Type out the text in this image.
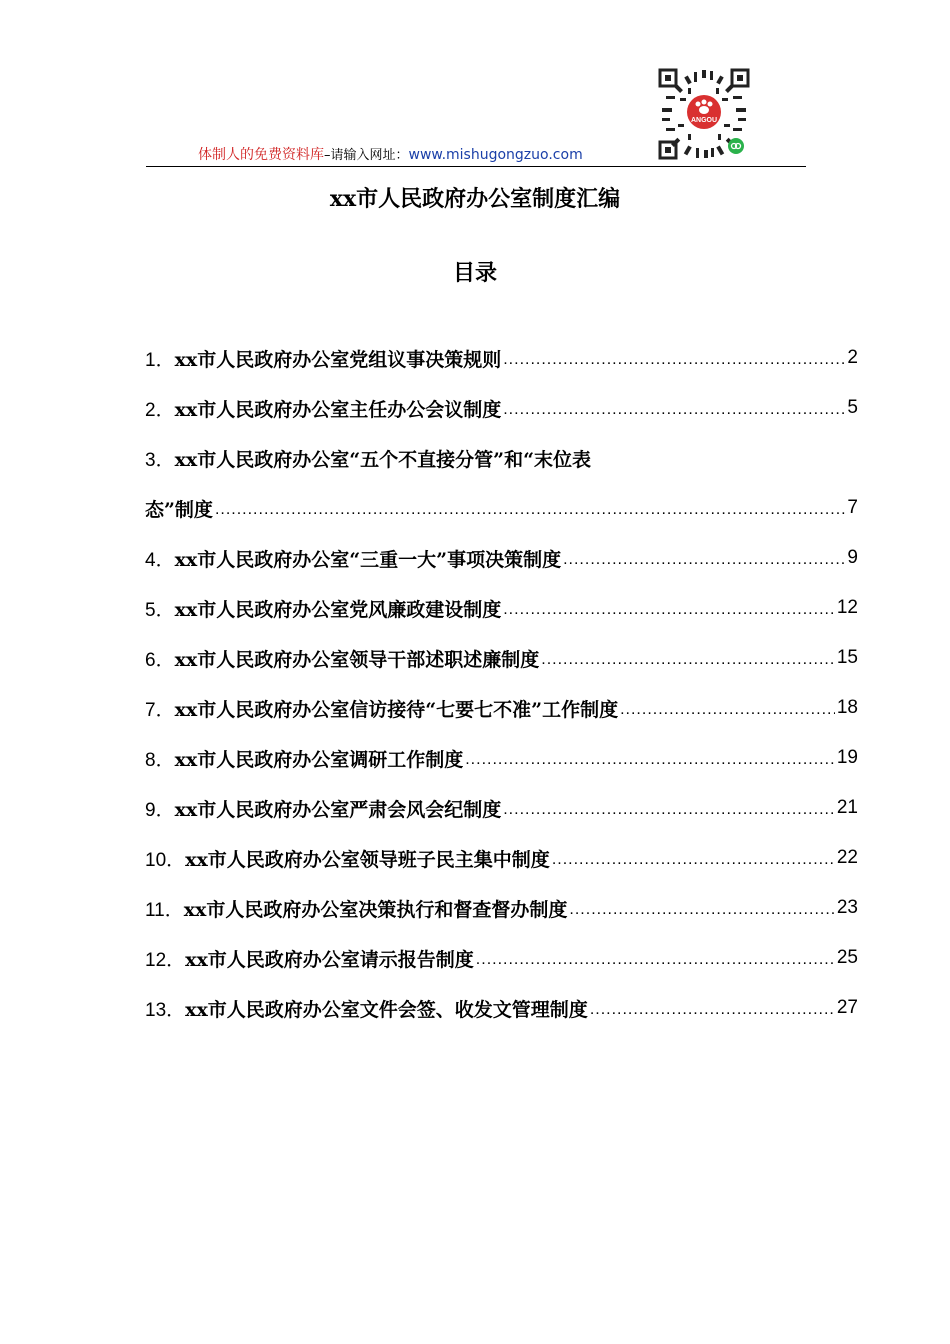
体制人的免费资料库–请输入网址：www.mishugongzuo.com
ANGOU
xx市人民政府办公室制度汇编
目录
1． xx市人民政府办公室党组议事决策规则 .....	2
2． xx市人民政府办公室主任办公会议制度 .....	5
3． xx市人民政府办公室“五个不直接分管”和“末位表
态”制度 .....	7
4． xx市人民政府办公室“三重一大”事项决策制度 .....	9
5． xx市人民政府办公室党风廉政建设制度 .....	12
6． xx市人民政府办公室领导干部述职述廉制度 .....	15
7． xx市人民政府办公室信访接待“七要七不准”工作制度 .....	18
8． xx市人民政府办公室调研工作制度 .....	19
9． xx市人民政府办公室严肃会风会纪制度 .....	21
10． xx市人民政府办公室领导班子民主集中制度 .....	22
11． xx市人民政府办公室决策执行和督查督办制度 .....	23
12． xx市人民政府办公室请示报告制度 .....	25
13． xx市人民政府办公室文件会签、收发文管理制度 .....	27
